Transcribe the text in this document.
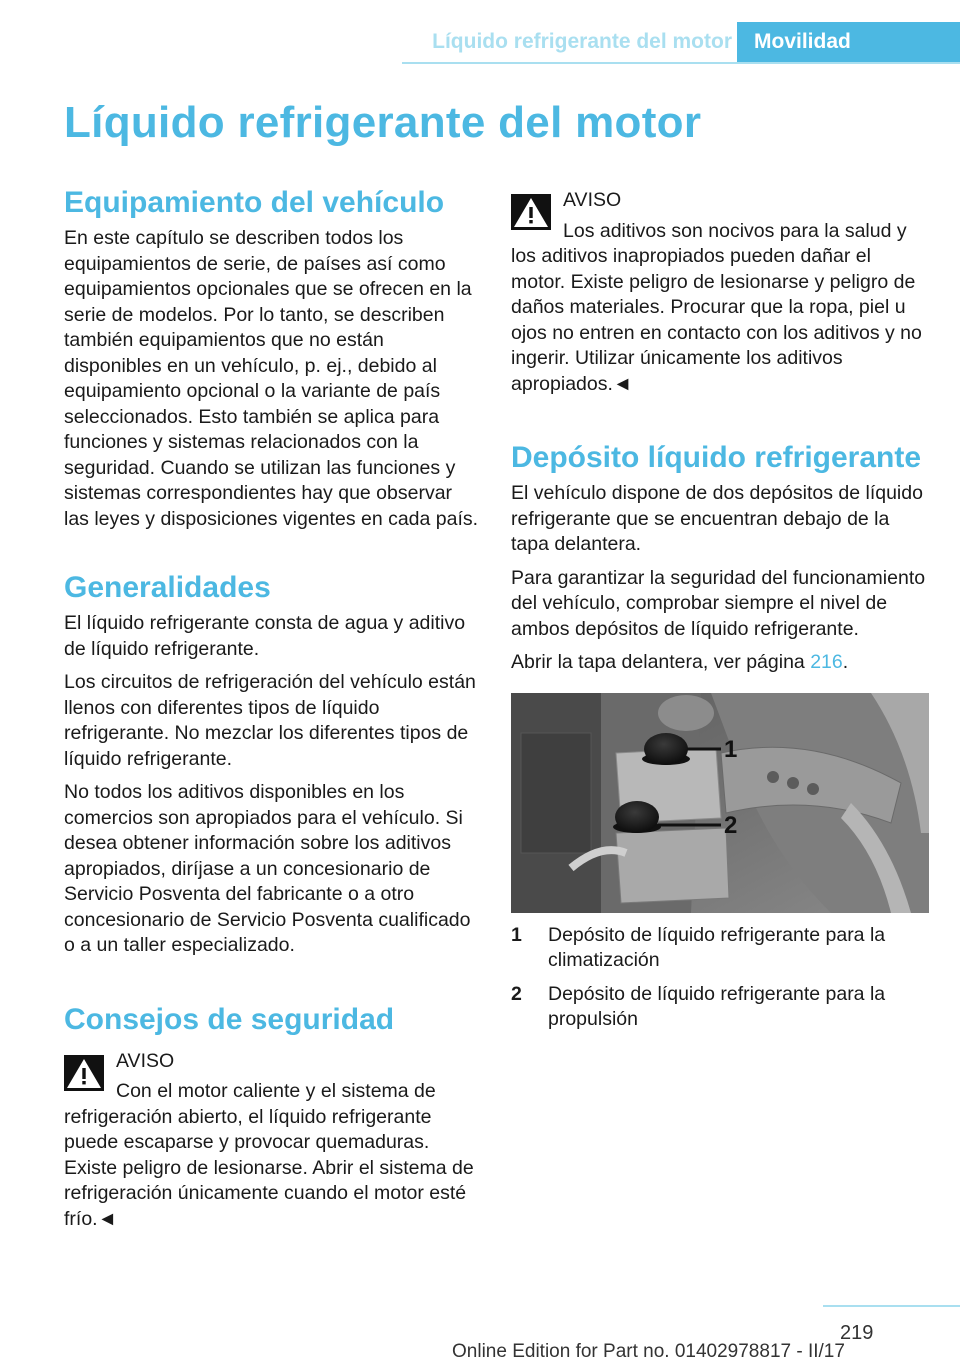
Líquido refrigerante del motor	Movilidad
Líquido refrigerante del motor
Equipamiento del vehículo

En este capítulo se describen todos los equipamientos de serie, de países así como equipamientos opcionales que se ofrecen en la serie de modelos. Por lo tanto, se describen también equipamientos que no están disponibles en un vehículo, p. ej., debido al equipamiento opcional o la variante de país seleccionados. Esto también se aplica para funciones y sistemas relacionados con la seguridad. Cuando se utilizan las funciones y sistemas correspondientes hay que observar las leyes y disposiciones vigentes en cada país.

Generalidades

El líquido refrigerante consta de agua y aditivo de líquido refrigerante.

Los circuitos de refrigeración del vehículo están llenos con diferentes tipos de líquido refrigerante. No mezclar los diferentes tipos de líquido refrigerante.

No todos los aditivos disponibles en los comercios son apropiados para el vehículo. Si desea obtener información sobre los aditivos apropiados, diríjase a un concesionario de Servicio Posventa del fabricante o a otro concesionario de Servicio Posventa cualificado o a un taller especializado.

Consejos de seguridad
AVISO

Con el motor caliente y el sistema de refrigeración abierto, el líquido refrigerante puede escaparse y provocar quemaduras. Existe peligro de lesionarse. Abrir el sistema de refrigeración únicamente cuando el motor esté frío.◄

AVISO

Los aditivos son nocivos para la salud y los aditivos inapropiados pueden dañar el motor. Existe peligro de lesionarse y peligro de daños materiales. Procurar que la ropa, piel u ojos no entren en contacto con los aditivos y no ingerir. Utilizar únicamente los aditivos apropiados.◄

Depósito líquido refrigerante

El vehículo dispone de dos depósitos de líquido refrigerante que se encuentran debajo de la tapa delantera.

Para garantizar la seguridad del funcionamiento del vehículo, comprobar siempre el nivel de ambos depósitos de líquido refrigerante.

Abrir la tapa delantera, ver página 216.

1
2
1	Depósito de líquido refrigerante para la climatización
2	Depósito de líquido refrigerante para la propulsión
219
Online Edition for Part no. 01402978817 - II/17
